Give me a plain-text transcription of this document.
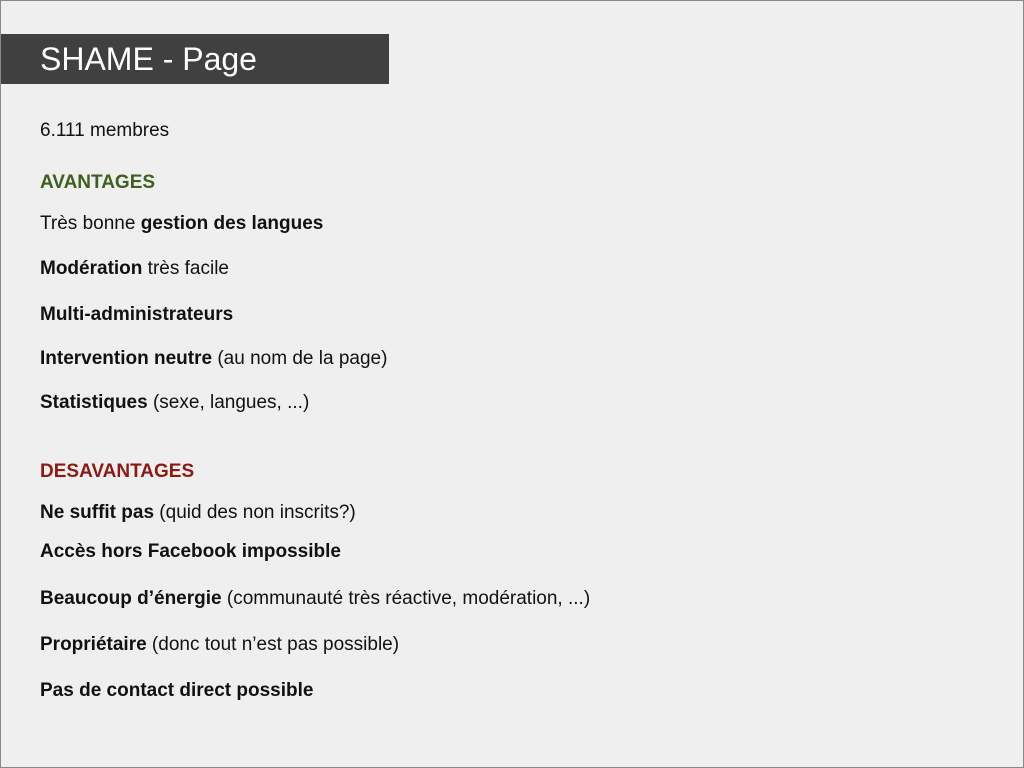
SHAME - Page
6.111 membres
AVANTAGES
Très bonne gestion des langues
Modération très facile
Multi-administrateurs
Intervention neutre (au nom de la page)
Statistiques (sexe, langues, ...)
DESAVANTAGES
Ne suffit pas (quid des non inscrits?)
Accès hors Facebook impossible
Beaucoup d’énergie (communauté très réactive, modération, ...)
Propriétaire (donc tout n’est pas possible)
Pas de contact direct possible
